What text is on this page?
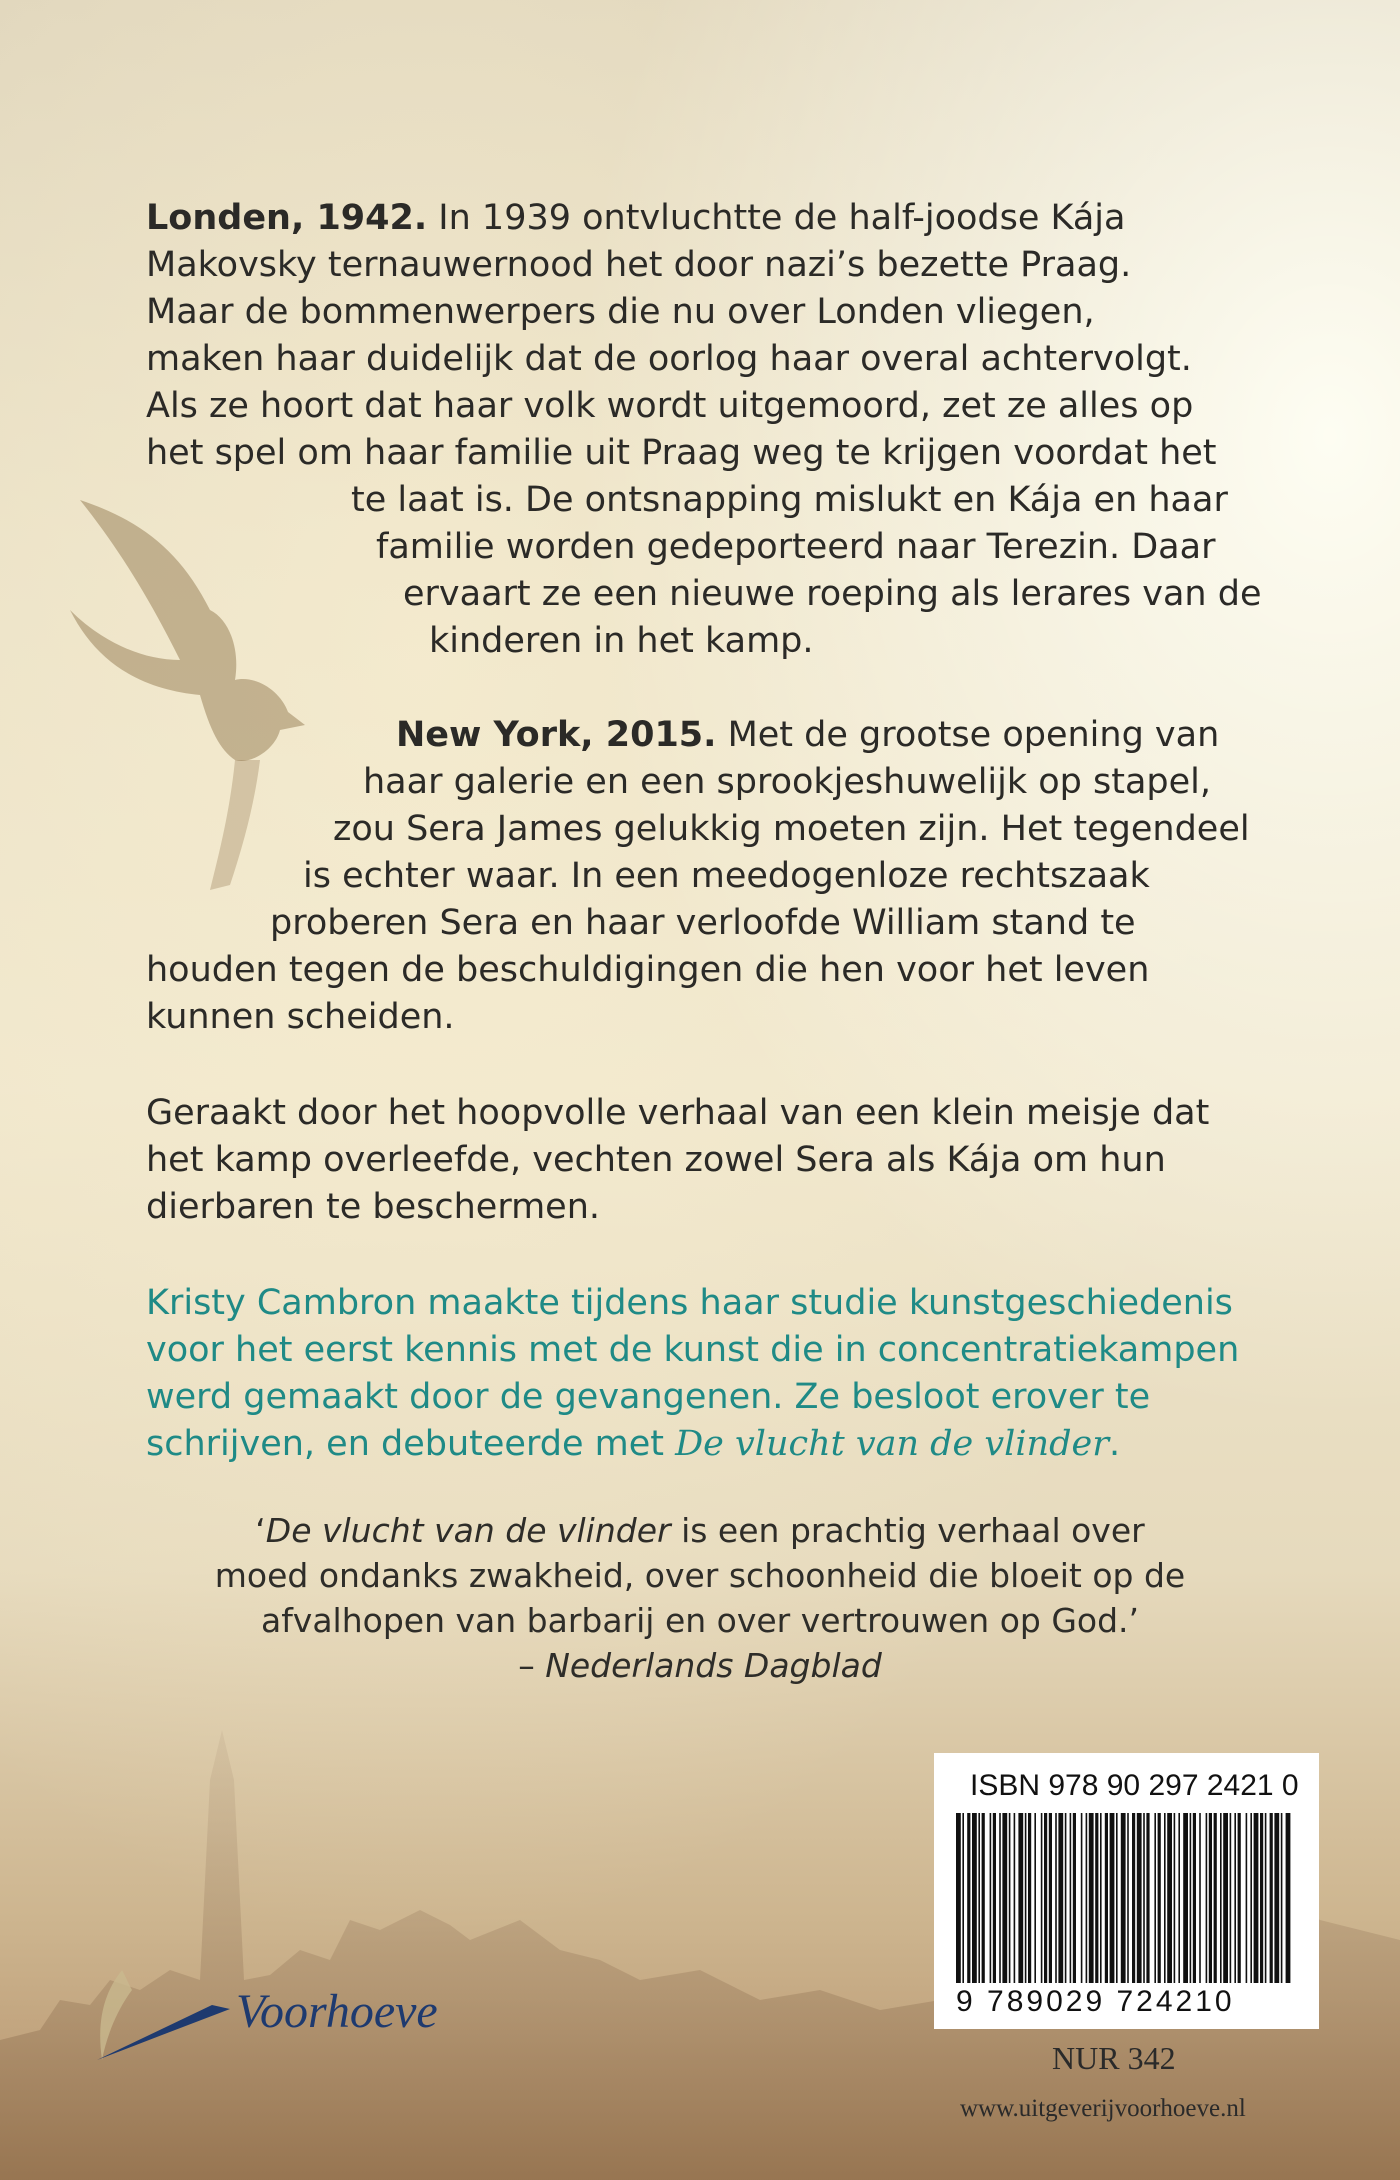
Londen, 1942. In 1939 ontvluchtte de half-joodse Kája
Makovsky ternauwernood het door nazi’s bezette Praag.
Maar de bommenwerpers die nu over Londen vliegen,
maken haar duidelijk dat de oorlog haar overal achtervolgt.
Als ze hoort dat haar volk wordt uitgemoord, zet ze alles op
het spel om haar familie uit Praag weg te krijgen voordat het
te laat is. De ontsnapping mislukt en Kája en haar
familie worden gedeporteerd naar Terezin. Daar
ervaart ze een nieuwe roeping als lerares van de
kinderen in het kamp.
New York, 2015. Met de grootse opening van
haar galerie en een sprookjeshuwelijk op stapel,
zou Sera James gelukkig moeten zijn. Het tegendeel
is echter waar. In een meedogenloze rechtszaak
proberen Sera en haar verloofde William stand te
houden tegen de beschuldigingen die hen voor het leven
kunnen scheiden.
Geraakt door het hoopvolle verhaal van een klein meisje dat
het kamp overleefde, vechten zowel Sera als Kája om hun
dierbaren te beschermen.
Kristy Cambron maakte tijdens haar studie kunstgeschiedenis
voor het eerst kennis met de kunst die in concentratiekampen
werd gemaakt door de gevangenen. Ze besloot erover te
schrijven, en debuteerde met De vlucht van de vlinder.
‘De vlucht van de vlinder is een prachtig verhaal over
moed ondanks zwakheid, over schoonheid die bloeit op de
afvalhopen van barbarij en over vertrouwen op God.’
– Nederlands Dagblad
Voorhoeve
ISBN 978 90 297 2421 0
9 789029 724210
NUR 342
www.uitgeverijvoorhoeve.nl
